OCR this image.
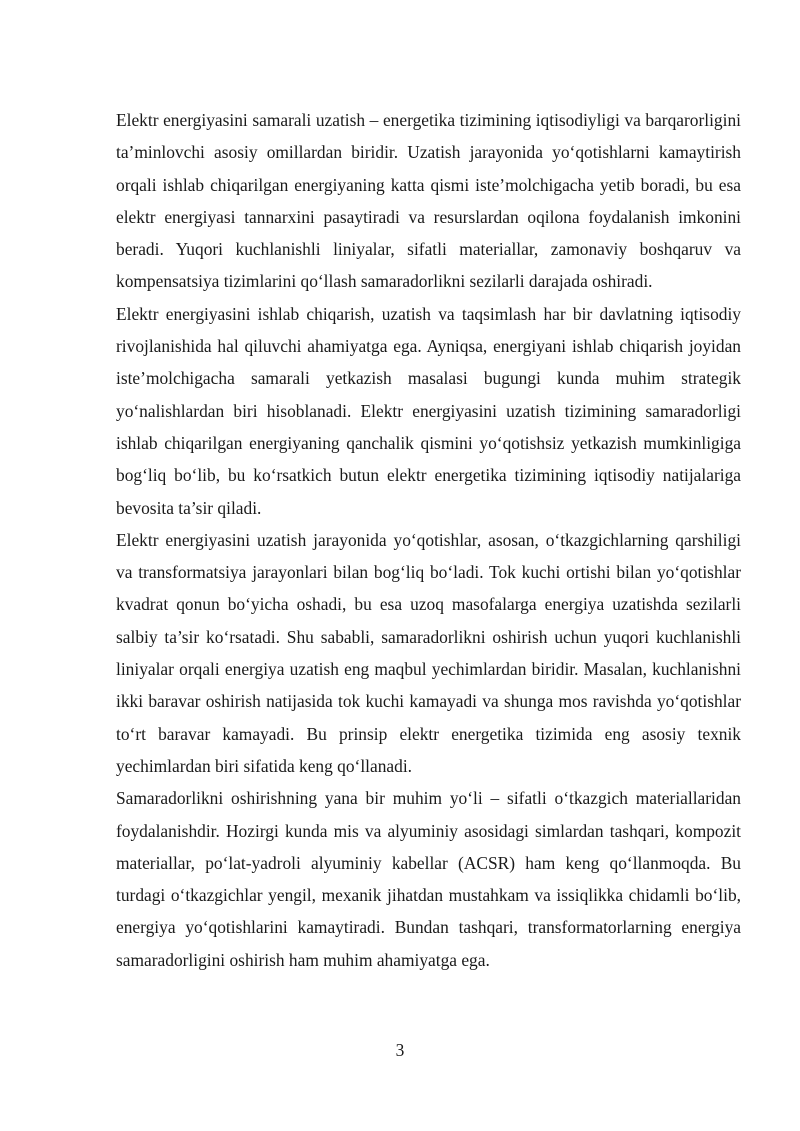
Elektr energiyasini samarali uzatish – energetika tizimining iqtisodiyligi va barqarorligini ta’minlovchi asosiy omillardan biridir. Uzatish jarayonida yo‘qotishlarni kamaytirish orqali ishlab chiqarilgan energiyaning katta qismi iste’molchigacha yetib boradi, bu esa elektr energiyasi tannarxini pasaytiradi va resurslardan oqilona foydalanish imkonini beradi. Yuqori kuchlanishli liniyalar, sifatli materiallar, zamonaviy boshqaruv va kompensatsiya tizimlarini qo‘llash samaradorlikni sezilarli darajada oshiradi.

Elektr energiyasini ishlab chiqarish, uzatish va taqsimlash har bir davlatning iqtisodiy rivojlanishida hal qiluvchi ahamiyatga ega. Ayniqsa, energiyani ishlab chiqarish joyidan iste’molchigacha samarali yetkazish masalasi bugungi kunda muhim strategik yo‘nalishlardan biri hisoblanadi. Elektr energiyasini uzatish tizimining samaradorligi ishlab chiqarilgan energiyaning qanchalik qismini yo‘qotishsiz yetkazish mumkinligiga bog‘liq bo‘lib, bu ko‘rsatkich butun elektr energetika tizimining iqtisodiy natijalariga bevosita ta’sir qiladi.

Elektr energiyasini uzatish jarayonida yo‘qotishlar, asosan, o‘tkazgichlarning qarshiligi va transformatsiya jarayonlari bilan bog‘liq bo‘ladi. Tok kuchi ortishi bilan yo‘qotishlar kvadrat qonun bo‘yicha oshadi, bu esa uzoq masofalarga energiya uzatishda sezilarli salbiy ta’sir ko‘rsatadi. Shu sababli, samaradorlikni oshirish uchun yuqori kuchlanishli liniyalar orqali energiya uzatish eng maqbul yechimlardan biridir. Masalan, kuchlanishni ikki baravar oshirish natijasida tok kuchi kamayadi va shunga mos ravishda yo‘qotishlar to‘rt baravar kamayadi. Bu prinsip elektr energetika tizimida eng asosiy texnik yechimlardan biri sifatida keng qo‘llanadi.

Samaradorlikni oshirishning yana bir muhim yo‘li – sifatli o‘tkazgich materiallaridan foydalanishdir. Hozirgi kunda mis va alyuminiy asosidagi simlardan tashqari, kompozit materiallar, po‘lat-yadroli alyuminiy kabellar (ACSR) ham keng qo‘llanmoqda. Bu turdagi o‘tkazgichlar yengil, mexanik jihatdan mustahkam va issiqlikka chidamli bo‘lib, energiya yo‘qotishlarini kamaytiradi. Bundan tashqari, transformatorlarning energiya samaradorligini oshirish ham muhim ahamiyatga ega.

3
